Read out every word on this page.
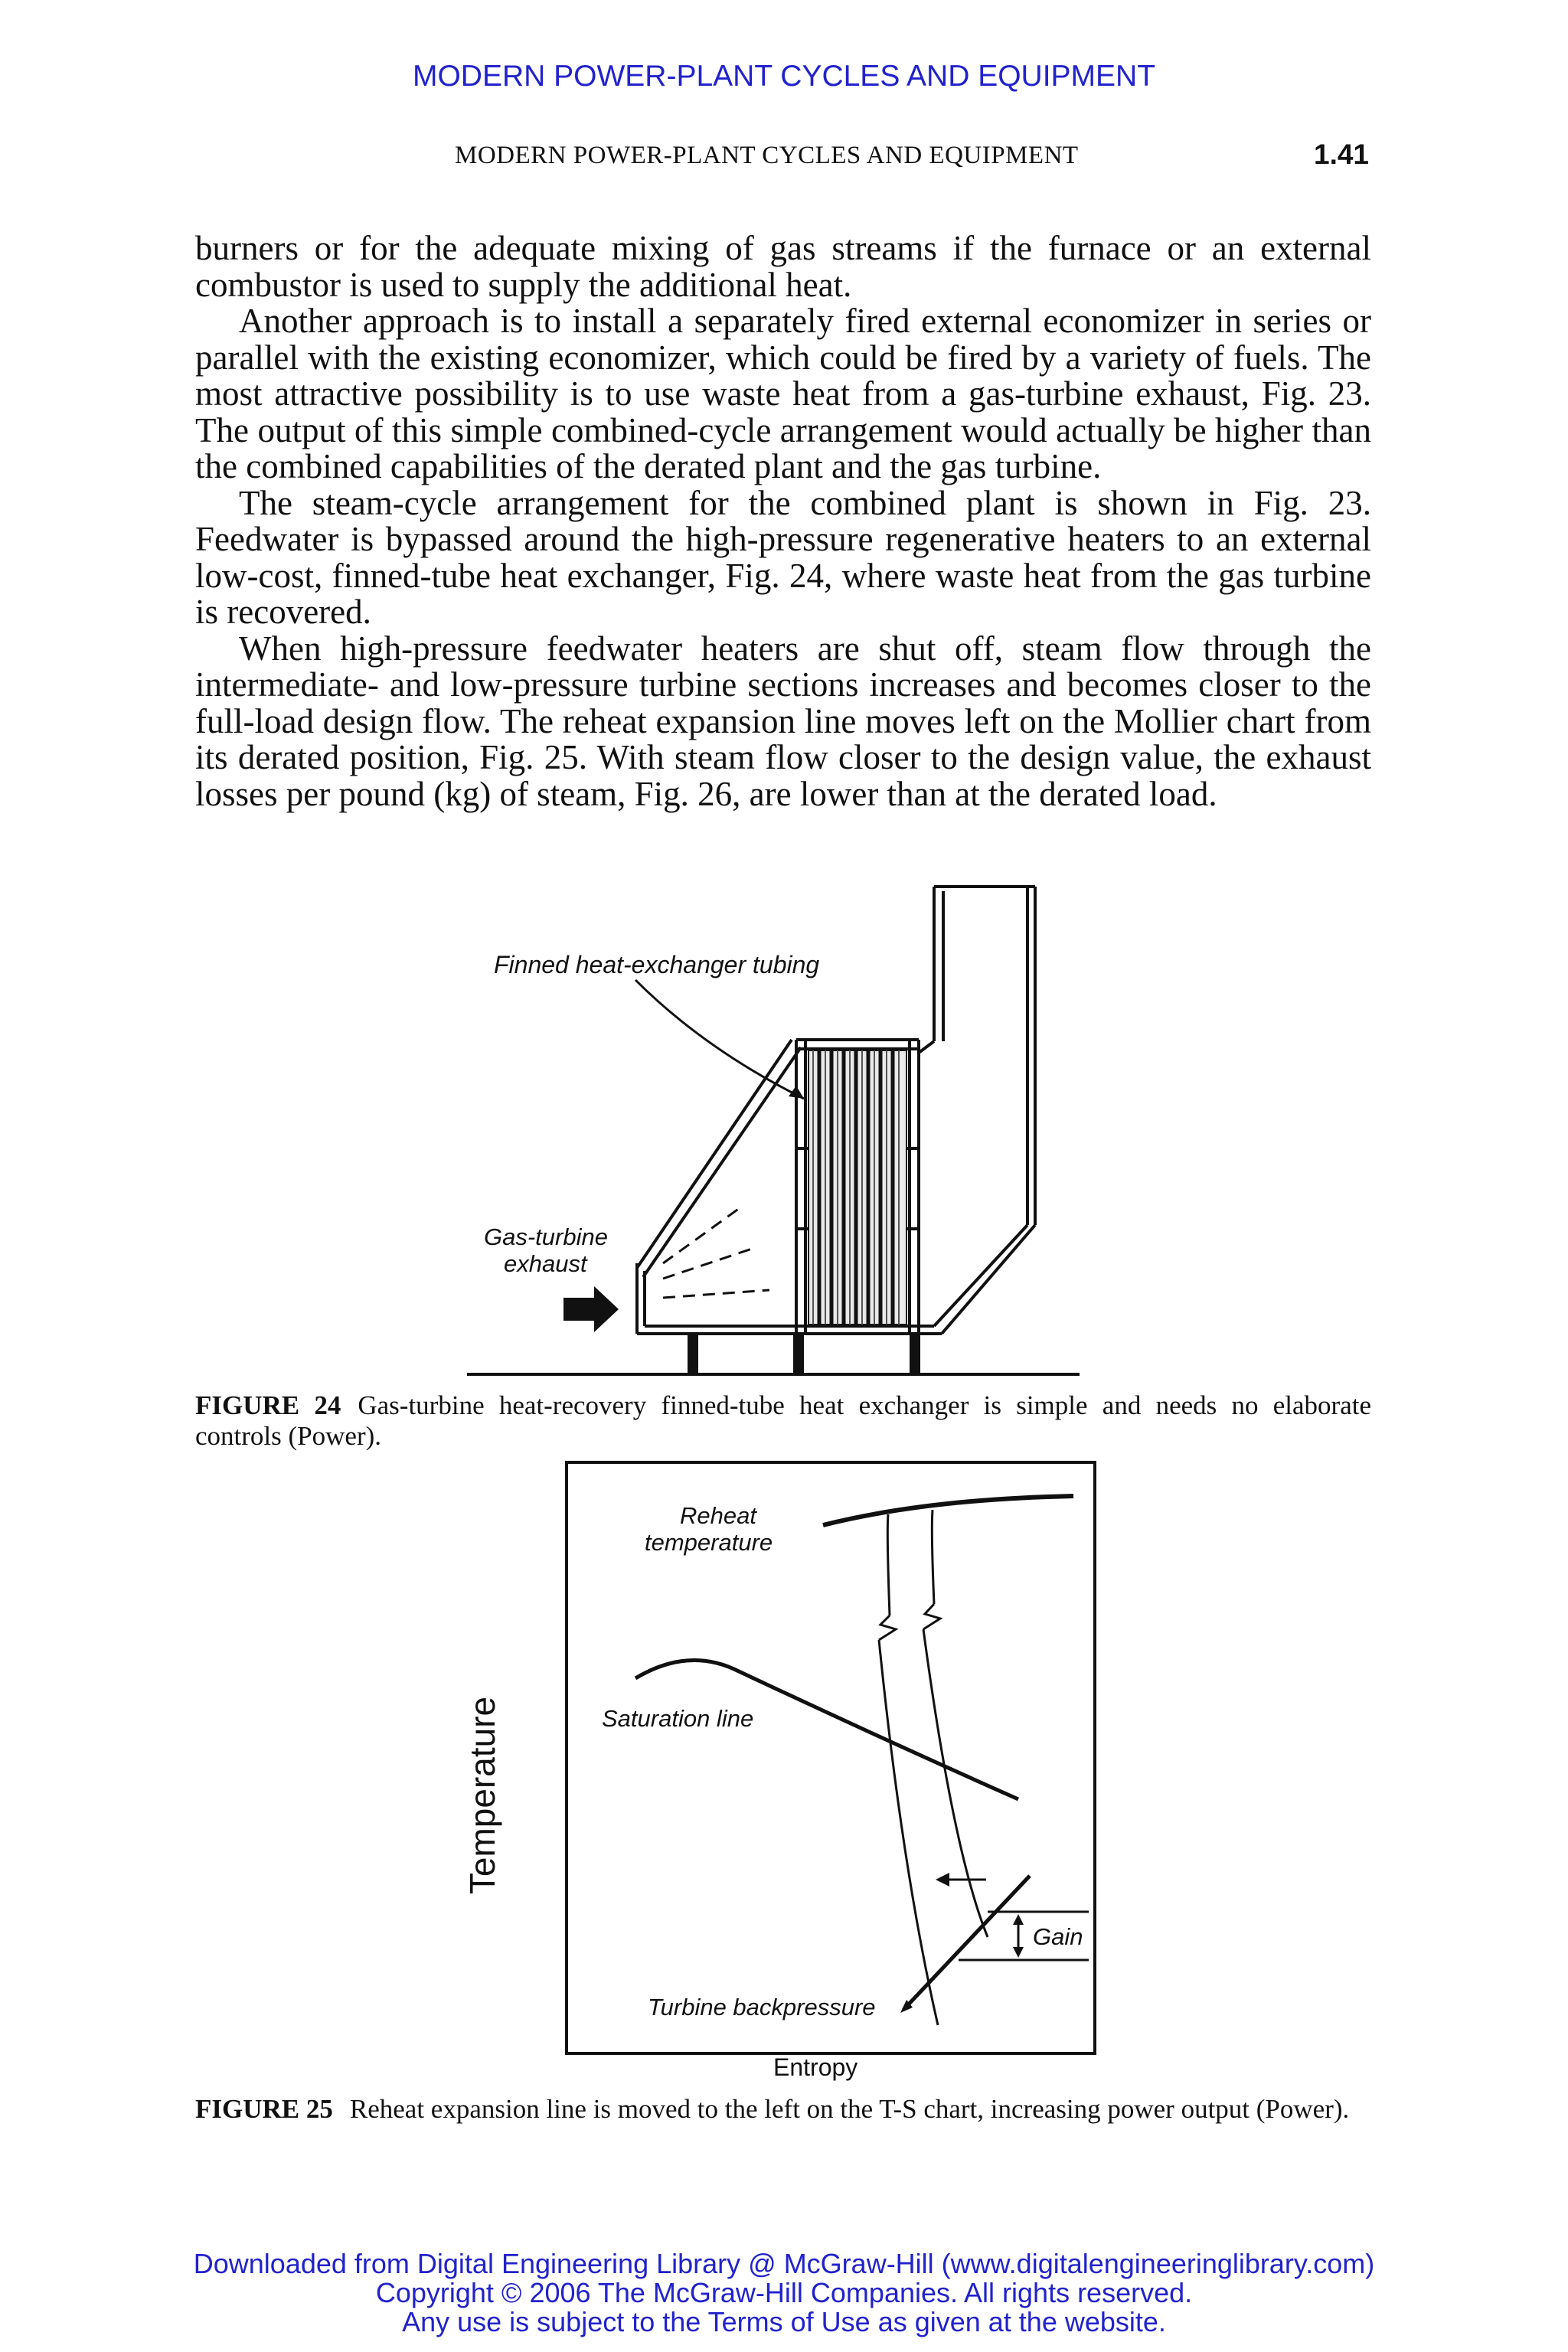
MODERN POWER-PLANT CYCLES AND EQUIPMENT
MODERN POWER-PLANT CYCLES AND EQUIPMENT	1.41

burners or for the adequate mixing of gas streams if the furnace or an external combustor is used to supply the additional heat.

Another approach is to install a separately fired external economizer in series or parallel with the existing economizer, which could be fired by a variety of fuels. The most attractive possibility is to use waste heat from a gas-turbine exhaust, Fig. 23. The output of this simple combined-cycle arrangement would actually be higher than the combined capabilities of the derated plant and the gas turbine.

The steam-cycle arrangement for the combined plant is shown in Fig. 23. Feedwater is bypassed around the high-pressure regenerative heaters to an external low-cost, finned-tube heat exchanger, Fig. 24, where waste heat from the gas turbine is recovered.

When high-pressure feedwater heaters are shut off, steam flow through the intermediate- and low-pressure turbine sections increases and becomes closer to the full-load design flow. The reheat expansion line moves left on the Mollier chart from its derated position, Fig. 25. With steam flow closer to the design value, the exhaust losses per pound (kg) of steam, Fig. 26, are lower than at the derated load.

Finned heat-exchanger tubing
Gas-turbine
exhaust
FIGURE 24 Gas-turbine heat-recovery finned-tube heat exchanger is simple and needs no elaborate controls (Power).
Reheat
temperature
Saturation line
Gain
Turbine backpressure
Temperature
Entropy
FIGURE 25 Reheat expansion line is moved to the left on the T-S chart, increasing power output (Power).
Downloaded from Digital Engineering Library @ McGraw-Hill (www.digitalengineeringlibrary.com)
Copyright © 2006 The McGraw-Hill Companies. All rights reserved.
Any use is subject to the Terms of Use as given at the website.
